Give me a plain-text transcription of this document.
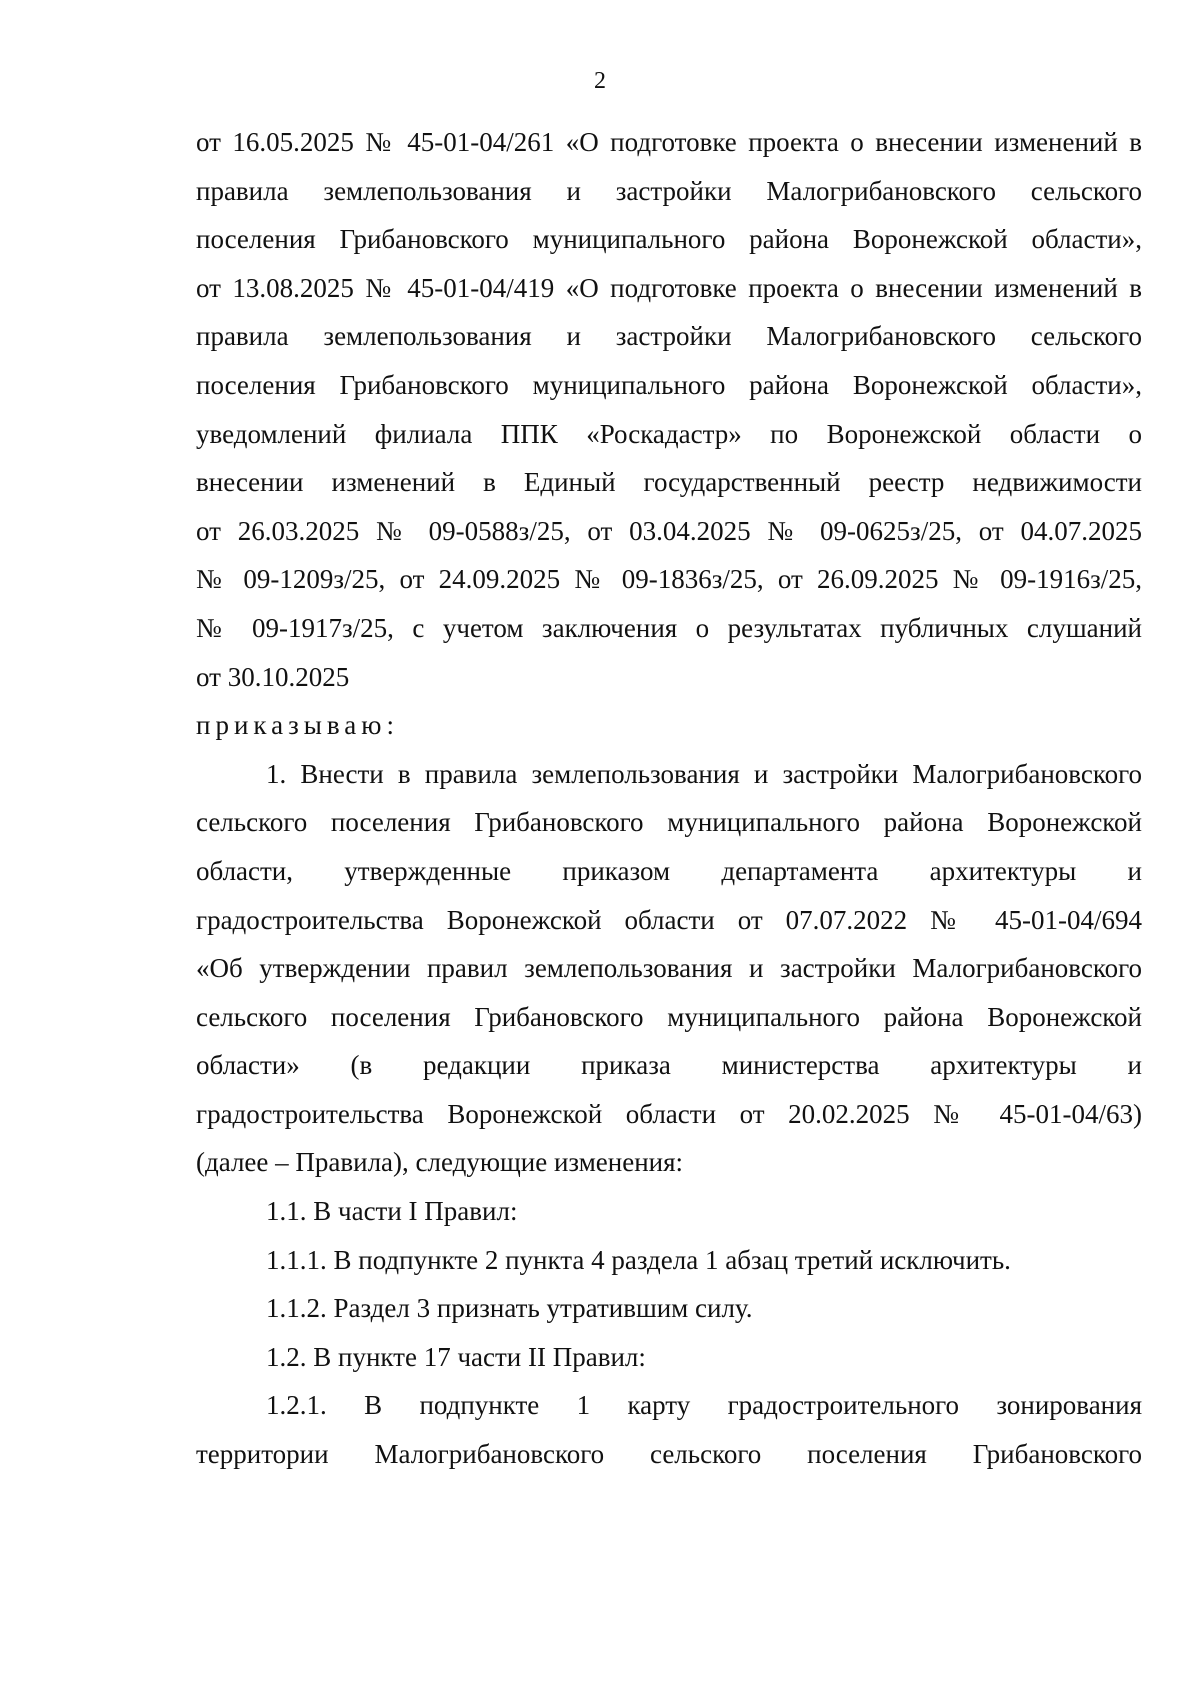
2

от 16.05.2025 № 45-01-04/261 «О подготовке проекта о внесении изменений в

правила землепользования и застройки Малогрибановского сельского

поселения Грибановского муниципального района Воронежской области»,

от 13.08.2025 № 45-01-04/419 «О подготовке проекта о внесении изменений в

правила землепользования и застройки Малогрибановского сельского

поселения Грибановского муниципального района Воронежской области»,

уведомлений филиала ППК «Роскадастр» по Воронежской области о

внесении изменений в Единый государственный реестр недвижимости

от 26.03.2025 № 09-0588з/25, от 03.04.2025 № 09-0625з/25, от 04.07.2025

№ 09-1209з/25, от 24.09.2025 № 09-1836з/25, от 26.09.2025 № 09-1916з/25,

№ 09-1917з/25, с учетом заключения о результатах публичных слушаний

от 30.10.2025

приказываю:

1. Внести в правила землепользования и застройки Малогрибановского

сельского поселения Грибановского муниципального района Воронежской

области, утвержденные приказом департамента архитектуры и

градостроительства Воронежской области от 07.07.2022 № 45-01-04/694

«Об утверждении правил землепользования и застройки Малогрибановского

сельского поселения Грибановского муниципального района Воронежской

области» (в редакции приказа министерства архитектуры и

градостроительства Воронежской области от 20.02.2025 № 45-01-04/63)

(далее – Правила), следующие изменения:

1.1. В части I Правил:

1.1.1. В подпункте 2 пункта 4 раздела 1 абзац третий исключить.

1.1.2. Раздел 3 признать утратившим силу.

1.2. В пункте 17 части II Правил:

1.2.1. В подпункте 1 карту градостроительного зонирования

территории Малогрибановского сельского поселения Грибановского
